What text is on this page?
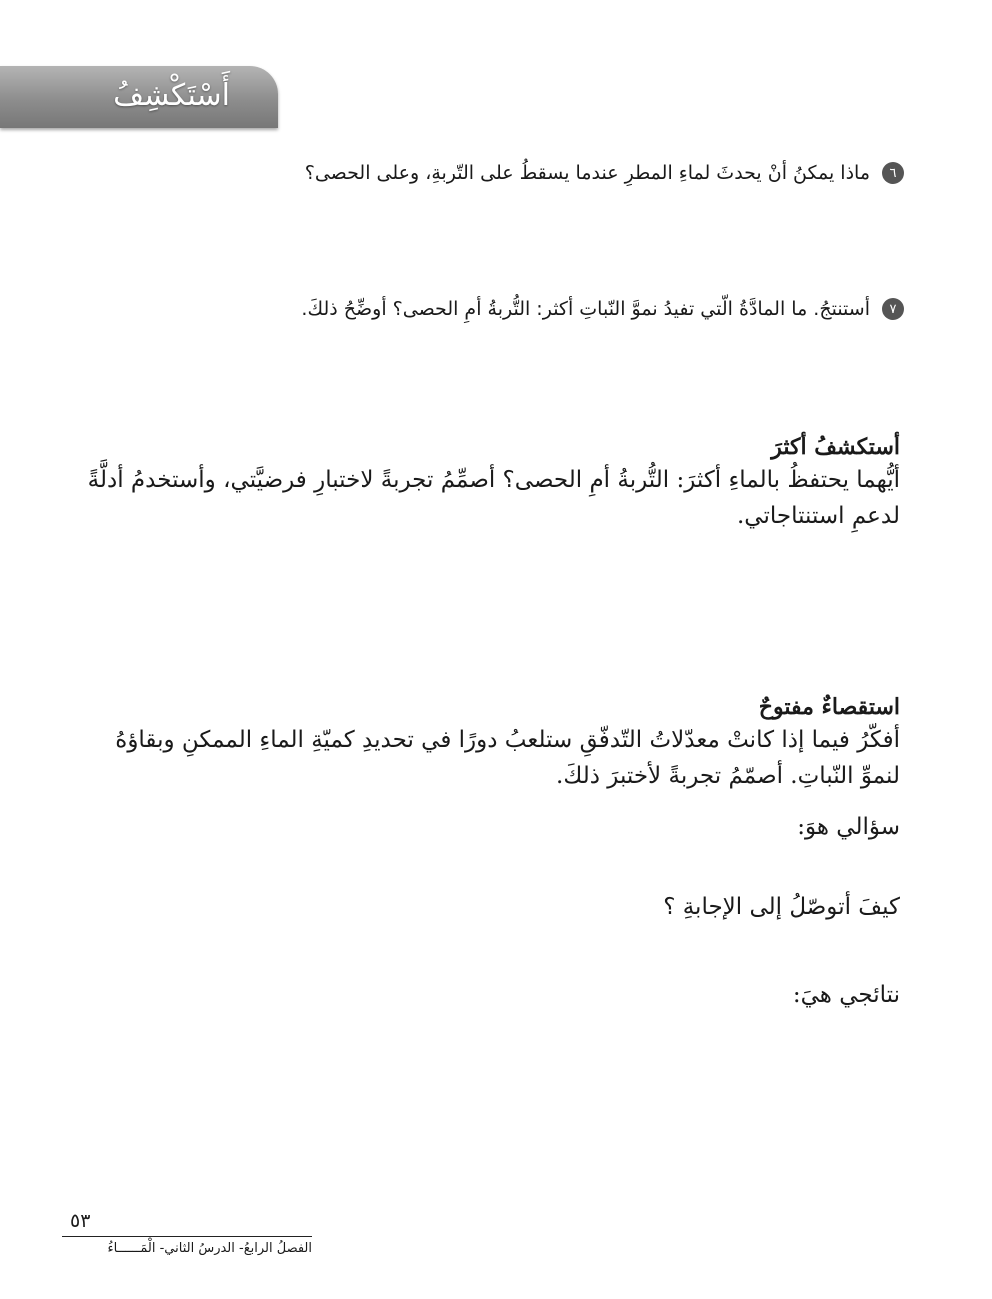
أَسْتَكْشِفُ
٦
ماذا يمكنُ أنْ يحدثَ لماءِ المطرِ عندما يسقطُ على التّربةِ، وعلى الحصى؟
٧
أستنتجُ. ما المادَّةُ الّتي تفيدُ نموَّ النّباتِ أكثر: التُّربةُ أمِ الحصى؟ أوضِّحُ ذلكَ.
أستكشفُ أكثرَ
أيُّهما يحتفظُ بالماءِ أكثرَ: التُّربةُ أمِ الحصى؟ أصمِّمُ تجربةً لاختبارِ فرضيَّتي، وأستخدمُ أدلَّةً لدعمِ استنتاجاتي.
استقصاءٌ مفتوحٌ
أفكّرُ فيما إذا كانتْ معدّلاتُ التّدفّقِ ستلعبُ دورًا في تحديدِ كميّةِ الماءِ الممكنِ وبقاؤهُ لنموِّ النّباتِ. أصمّمُ تجربةً لأختبرَ ذلكَ.
سؤالي هوَ:
كيفَ أتوصّلُ إلى الإجابةِ ؟
نتائجي هيَ:
٥٣
الفصلُ الرابعُ- الدرسُ الثاني- الْمَــــــاءُ
